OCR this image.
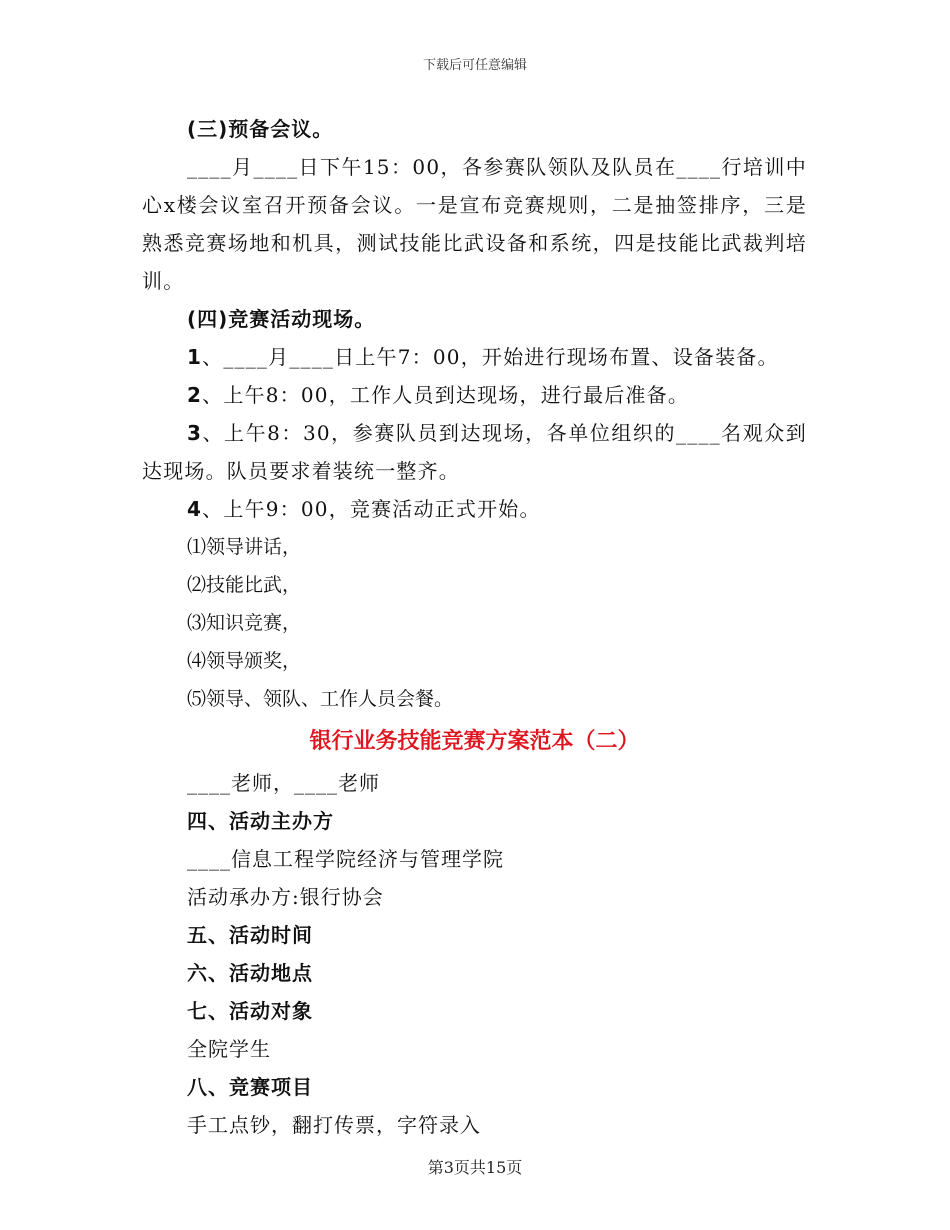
下载后可任意编辑
(三)预备会议。
____月____日下午15：00，各参赛队领队及队员在____行培训中心x楼会议室召开预备会议。一是宣布竞赛规则，二是抽签排序，三是熟悉竞赛场地和机具，测试技能比武设备和系统，四是技能比武裁判培训。
(四)竞赛活动现场。
1、____月____日上午7：00，开始进行现场布置、设备装备。
2、上午8：00，工作人员到达现场，进行最后准备。
3、上午8：30，参赛队员到达现场，各单位组织的____名观众到达现场。队员要求着装统一整齐。
4、上午9：00，竞赛活动正式开始。
⑴领导讲话，
⑵技能比武，
⑶知识竞赛，
⑷领导颁奖，
⑸领导、领队、工作人员会餐。
银行业务技能竞赛方案范本（二）
____老师，____老师
四、活动主办方
____信息工程学院经济与管理学院
活动承办方:银行协会
五、活动时间
六、活动地点
七、活动对象
全院学生
八、竞赛项目
手工点钞，翻打传票，字符录入
第3页共15页
